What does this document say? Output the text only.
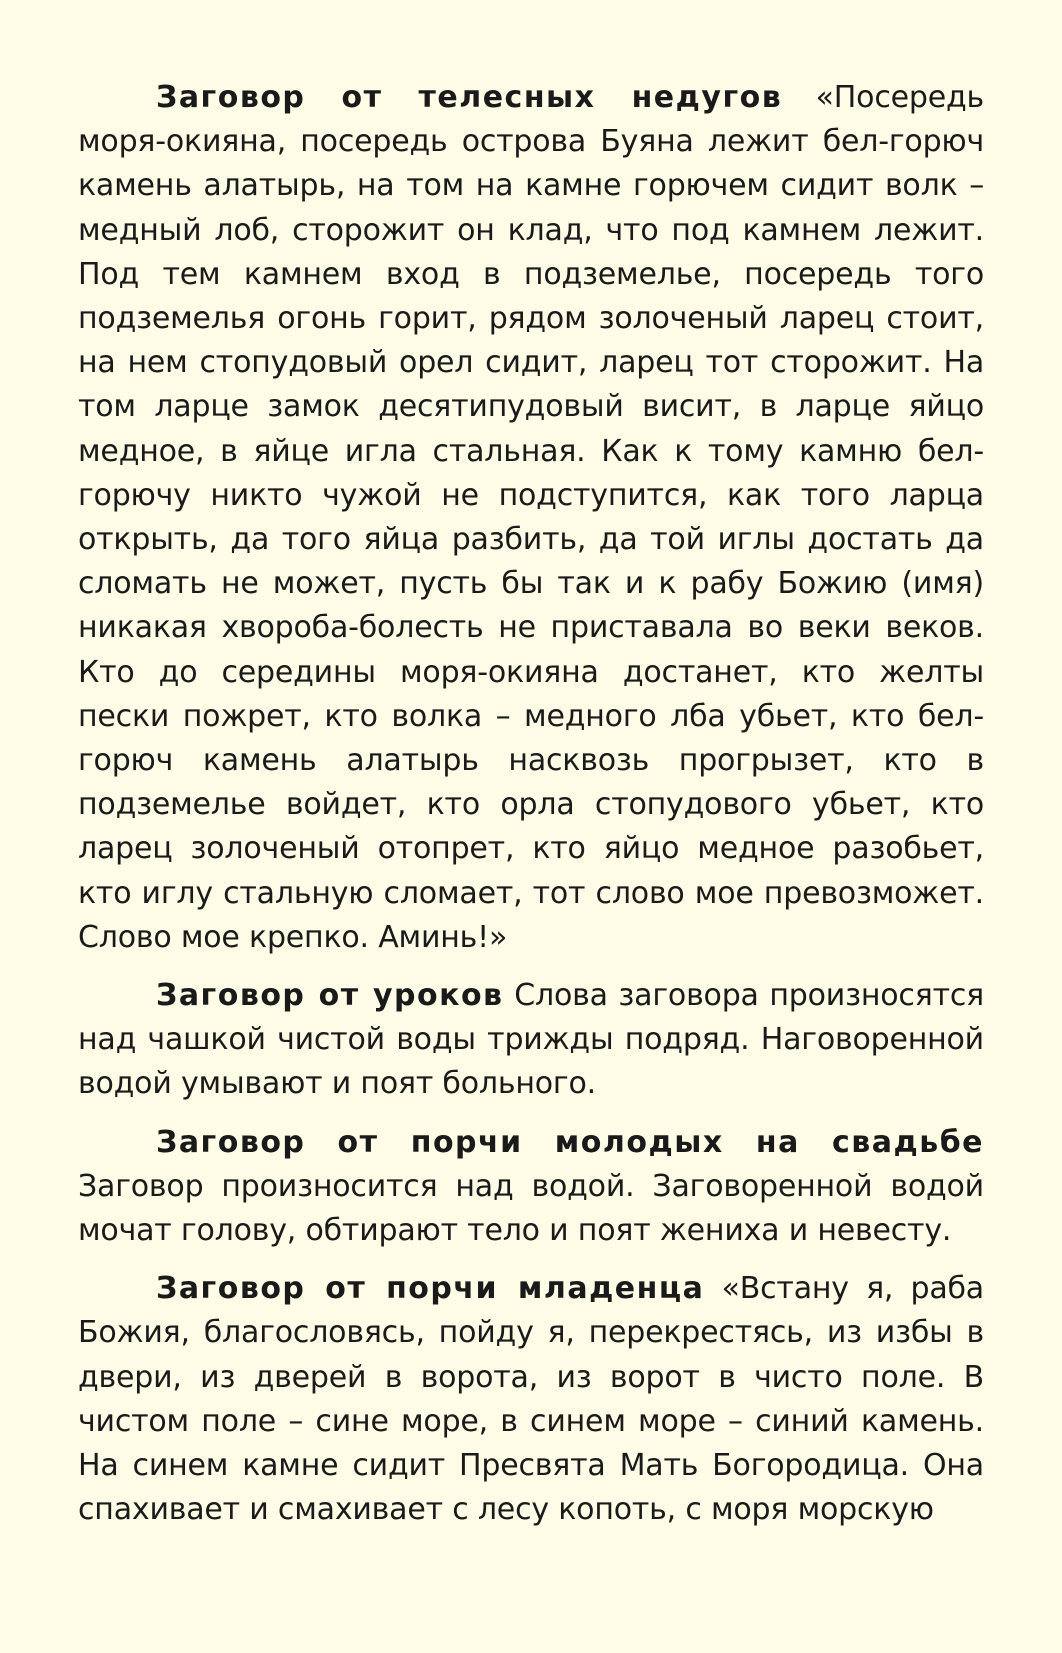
Заговор от телесных недугов «Посередь моря-окияна, посередь острова Буяна лежит бел-горюч камень алатырь, на том на камне горючем сидит волк – медный лоб, сторожит он клад, что под камнем лежит. Под тем камнем вход в подземелье, посередь того подземелья огонь горит, рядом золоченый ларец стоит, на нем стопудовый орел сидит, ларец тот сторожит. На том ларце замок десятипудовый висит, в ларце яйцо медное, в яйце игла стальная. Как к тому камню бел-горючу никто чужой не подступится, как того ларца открыть, да того яйца разбить, да той иглы достать да сломать не может, пусть бы так и к рабу Божию (имя) никакая хвороба-болесть не приставала во веки веков. Кто до середины моря-окияна достанет, кто желты пески пожрет, кто волка – медного лба убьет, кто бел-горюч камень алатырь насквозь прогрызет, кто в подземелье войдет, кто орла стопудового убьет, кто ларец золоченый отопрет, кто яйцо медное разобьет, кто иглу стальную сломает, тот слово мое превозможет. Слово мое крепко. Аминь!»

Заговор от уроков Слова заговора произносятся над чашкой чистой воды трижды подряд. Наговоренной водой умывают и поят больного.

Заговор от порчи молодых на свадьбе Заговор произносится над водой. Заговоренной водой мочат голову, обтирают тело и поят жениха и невесту.

Заговор от порчи младенца «Встану я, раба Божия, благословясь, пойду я, перекрестясь, из избы в двери, из дверей в ворота, из ворот в чисто поле. В чистом поле – сине море, в синем море – синий камень. На синем камне сидит Пресвята Мать Богородица. Она спахивает и смахивает с лесу копоть, с моря морскую
